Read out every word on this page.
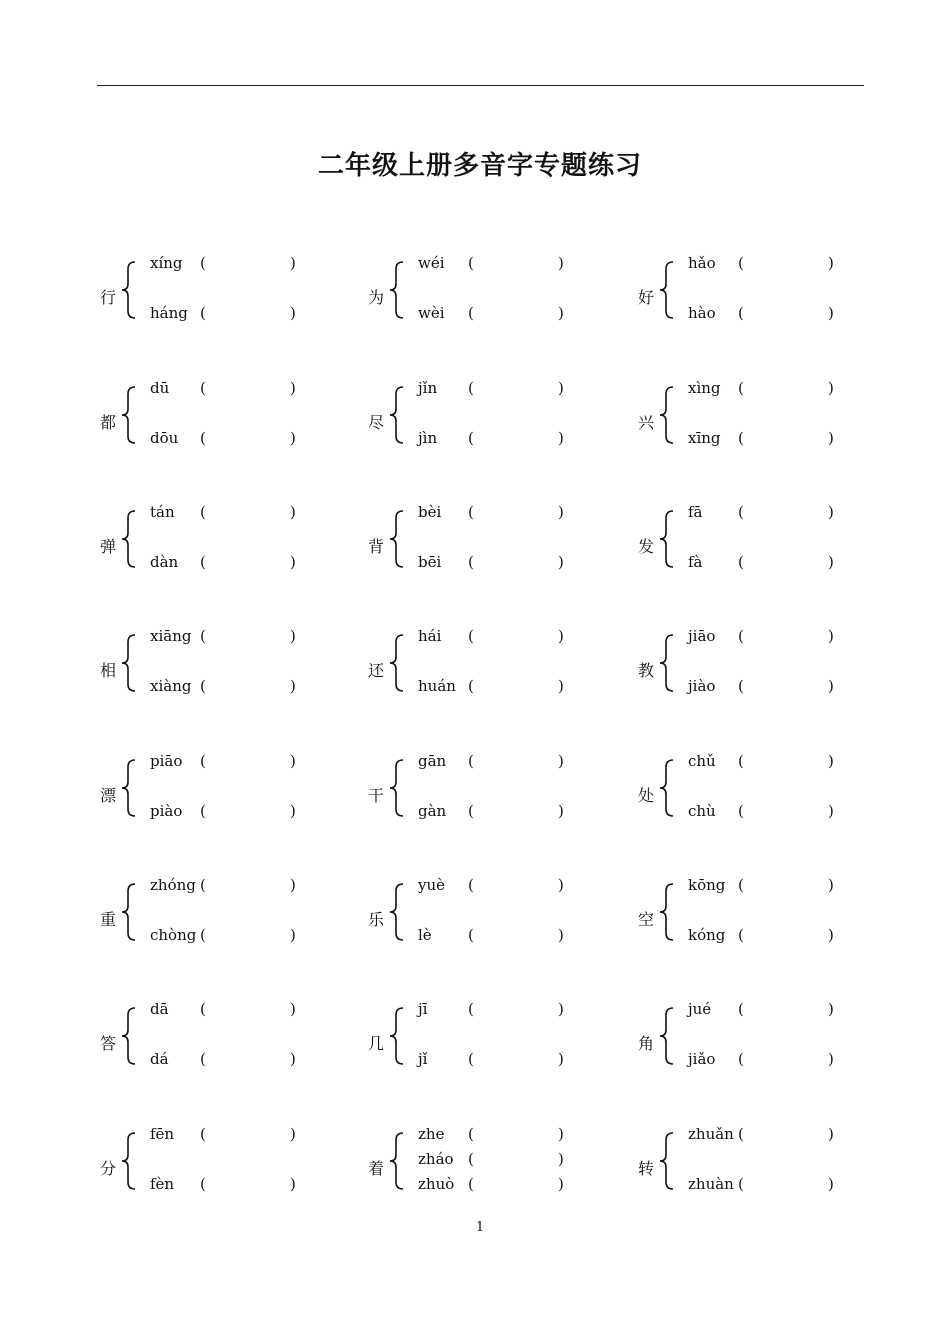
二年级上册多音字专题练习
行
xíng (	)
háng (	)
为
wéi (	)
wèi (	)
好
hǎo (	)
hào (	)
都
dū (	)
dōu (	)
尽
jǐn (	)
jìn (	)
兴
xìng (	)
xīng (	)
弹
tán (	)
dàn (	)
背
bèi (	)
bēi (	)
发
fā (	)
fà (	)
相
xiāng (	)
xiàng (	)
还
hái (	)
huán (	)
教
jiāo (	)
jiào (	)
漂
piāo (	)
piào (	)
干
gān (	)
gàn (	)
处
chǔ (	)
chù (	)
重
zhóng (	)
chòng (	)
乐
yuè (	)
lè (	)
空
kōng (	)
kóng (	)
答
dā (	)
dá (	)
几
jī	(	)
jǐ	(	)
角
jué (	)
jiǎo (	)
分
fēn (	)
fèn (	)
着
zhe (	)
zháo (	)
zhuò (	)
转
zhuǎn (	)
zhuàn (	)
1
